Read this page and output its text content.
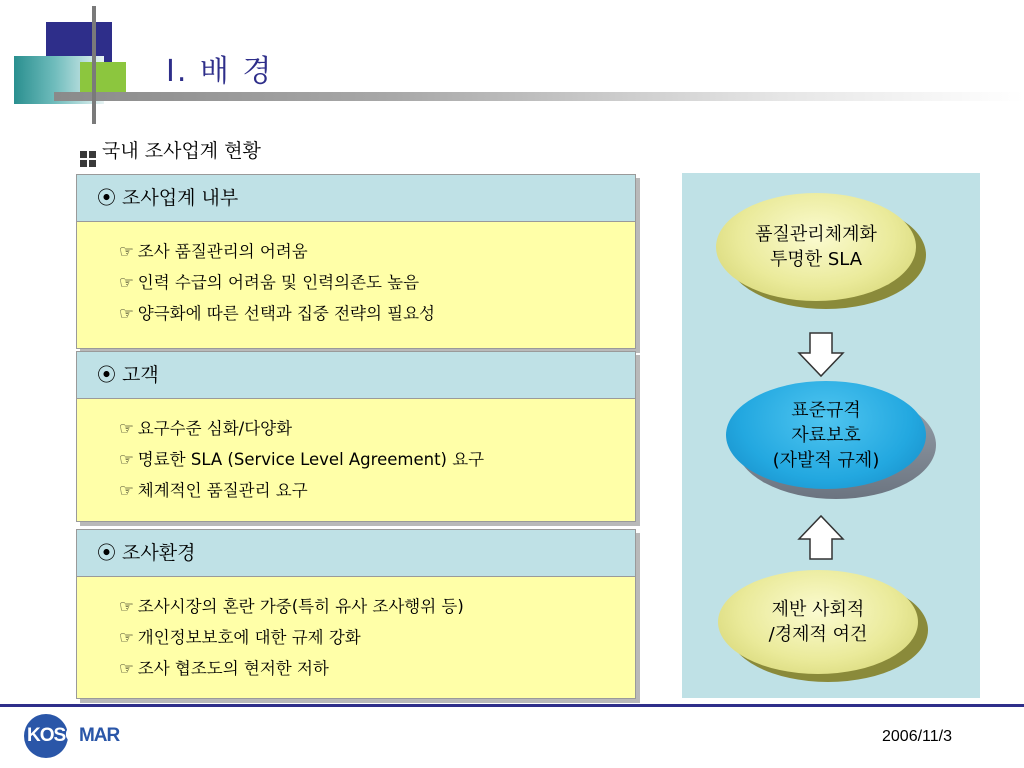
I. 배 경
국내 조사업계 현황
⦿ 조사업계 내부
☞ 조사 품질관리의 어려움
☞ 인력 수급의 어려움 및 인력의존도 높음
☞ 양극화에 따른 선택과 집중 전략의 필요성
⦿ 고객
☞ 요구수준 심화/다양화
☞ 명료한 SLA (Service Level Agreement) 요구
☞ 체계적인 품질관리 요구
⦿ 조사환경
☞ 조사시장의 혼란 가중(특히 유사 조사행위 등)
☞ 개인정보보호에 대한 규제 강화
☞ 조사 협조도의 현저한 저하
품질관리체계화
투명한 SLA
표준규격
자료보호
(자발적 규제)
제반 사회적
/경제적 여건
KOSOMAR	2006/11/3
